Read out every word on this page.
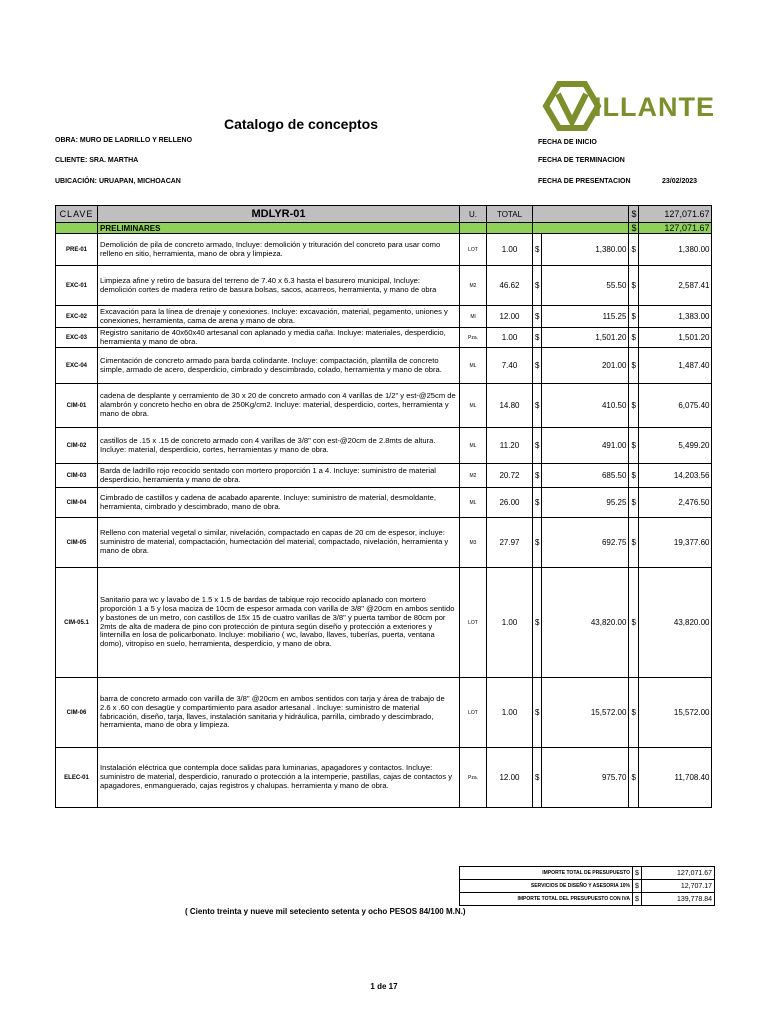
Catalogo de conceptos
ILLANTE
OBRA: MURO DE LADRILLO Y RELLENO
CLIENTE: SRA. MARTHA
UBICACIÓN: URUAPAN, MICHOACAN
FECHA DE INICIO
FECHA DE TERMINACION
FECHA DE PRESENTACION	23/02/2023
CLAVE	MDLYR-01	U.	TOTAL			$	127,071.67
	PRELIMINARES					$	127,071.67
PRE-01	Demolición de pila de concreto armado, Incluye: demolición y trituración del concreto para usar como relleno en sitio, herramienta, mano de obra y limpieza.	LOT	1.00	$	1,380.00	$	1,380.00
EXC-01	Limpieza afine y retiro de basura del terreno de 7.40 x 6.3 hasta el basurero municipal, Incluye: demolición cortes de madera retiro de basura bolsas, sacos, acarreos, herramienta, y mano de obra	M2	46.62	$	55.50	$	2,587.41
EXC-02	Excavación para la línea de drenaje y conexiones. Incluye: excavación, material, pegamento, uniones y conexiones, herramienta, cama de arena y mano de obra.	Ml	12.00	$	115.25	$	1,383.00
EXC-03	Registro sanitario de 40x60x40 artesanal con aplanado y media caña. Incluye: materiales, desperdicio, herramienta y mano de obra.	Pza.	1.00	$	1,501.20	$	1,501.20
EXC-04	Cimentación de concreto armado para barda colindante. Incluye: compactación, plantilla de concreto simple, armado de acero, desperdicio, cimbrado y descimbrado, colado, herramienta y mano de obra.	ML	7.40	$	201.00	$	1,487.40
CIM-01	cadena de desplante y cerramiento de 30 x 20 de concreto armado con 4 varillas de 1/2" y est-@25cm de alambrón y concreto hecho en obra de 250Kg/cm2. Incluye: material, desperdicio, cortes, herramienta y mano de obra.	ML	14.80	$	410.50	$	6,075.40
CIM-02	castillos de .15 x .15 de concreto armado con 4 varillas de 3/8" con est-@20cm de 2.8mts de altura. Incluye: material, desperdicio, cortes, herramientas y mano de obra.	ML	11.20	$	491.00	$	5,499.20
CIM-03	Barda de ladrillo rojo recocido sentado con mortero proporción 1 a 4. Incluye: suministro de material desperdicio, herramienta y mano de obra.	M2	20.72	$	685.50	$	14,203.56
CIM-04	Cimbrado de castillos y cadena de acabado aparente. Incluye: suministro de material, desmoldante, herramienta, cimbrado y descimbrado, mano de obra.	ML	26.00	$	95.25	$	2,476.50
CIM-05	Relleno con material vegetal o similar, nivelación, compactado en capas de 20 cm de espesor, incluye: suministro de material, compactación, humectación del material, compactado, nivelación, herramienta y mano de obra.	M3	27.97	$	692.75	$	19,377.60
CIM-05.1	Sanitario para wc y lavabo de 1.5 x 1.5 de bardas de tabique rojo recocido aplanado con mortero proporción 1 a 5 y losa maciza de 10cm de espesor armada con varilla de 3/8" @20cm en ambos sentido y bastones de un metro, con castillos de 15x 15 de cuatro varillas de 3/8" y puerta tambor de 80cm por 2mts de alta de madera de pino con protección de pintura según diseño y protección a exteriores y linternilla en losa de policarbonato. Incluye: mobiliario ( wc, lavabo, llaves, tuberías, puerta, ventana domo), vitropiso en suelo, herramienta, desperdicio, y mano de obra.	LOT	1.00	$	43,820.00	$	43,820.00
CIM-06	barra de concreto armado con varilla de 3/8" @20cm en ambos sentidos con tarja y área de trabajo de 2.6 x .60 con desagüe y compartimiento para asador artesanal . Incluye: suministro de material fabricación, diseño, tarja, llaves, instalación sanitaria y hidráulica, parrilla, cimbrado y descimbrado, herramienta, mano de obra y limpieza.	LOT	1.00	$	15,572.00	$	15,572.00
ELEC-01	Instalación eléctrica que contempla doce salidas para luminarias, apagadores y contactos. Incluye: suministro de material, desperdicio, ranurado o protección a la intemperie, pastillas, cajas de contactos y apagadores, enmanguerado, cajas registros y chalupas. herramienta y mano de obra.	Pza.	12.00	$	975.70	$	11,708.40
IMPORTE TOTAL DE PRESUPUESTO	$	127,071.67
SERVICIOS DE DISEÑO Y ASESORIA 10%	$	12,707.17
IMPORTE TOTAL DEL PRESUPUESTO CON IVA	$	139,778.84
( Ciento treinta y nueve mil seteciento setenta y ocho PESOS 84/100 M.N.)
1 de 17
